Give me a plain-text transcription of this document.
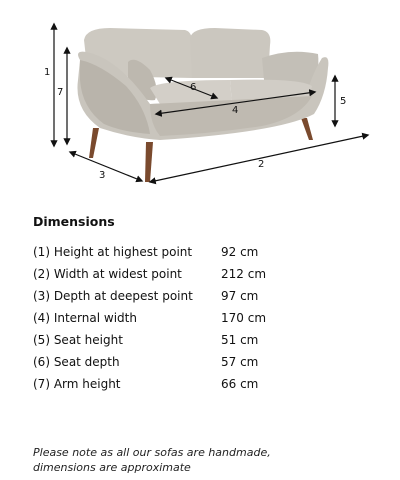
1
2
3
4
5
6
7
Dimensions
(1) Height at highest point 92 cm
(2) Width at widest point	212 cm
(3) Depth at deepest point 97 cm
(4) Internal width	170 cm
(5) Seat height	51 cm
(6) Seat depth	57 cm
(7) Arm height	66 cm

Please note as all our sofas are handmade,
dimensions are approximate
